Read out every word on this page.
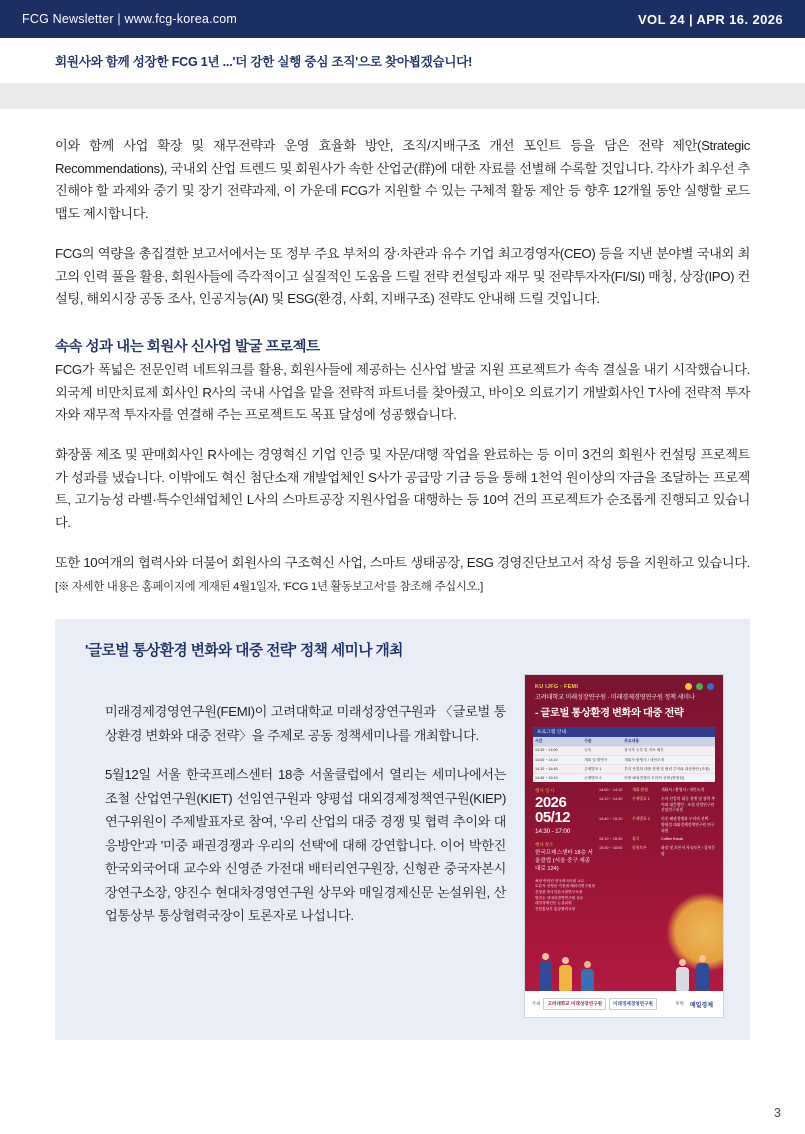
FCG Newsletter | www.fcg-korea.com	VOL 24 | APR 16. 2026
회원사와 함께 성장한 FCG 1년 ...'더 강한 실행 중심 조직'으로 찾아뵙겠습니다!

이와 함께 사업 확장 및 재무전략과 운영 효율화 방안, 조직/지배구조 개선 포인트 등을 담은 전략 제안(Strategic Recommendations), 국내외 산업 트렌드 및 회원사가 속한 산업군(群)에 대한 자료를 선별해 수록할 것입니다. 각사가 최우선 추진해야 할 과제와 중기 및 장기 전략과제, 이 가운데 FCG가 지원할 수 있는 구체적 활동 제안 등 향후 12개월 동안 실행할 로드맵도 제시합니다.

FCG의 역량을 총집결한 보고서에서는 또 정부 주요 부처의 장·차관과 유수 기업 최고경영자(CEO) 등을 지낸 분야별 국내외 최고의 인력 풀을 활용, 회원사들에 즉각적이고 실질적인 도움을 드릴 전략 컨설팅과 재무 및 전략투자자(FI/SI) 매칭, 상장(IPO) 컨설팅, 해외시장 공동 조사, 인공지능(AI) 및 ESG(환경, 사회, 지배구조) 전략도 안내해 드릴 것입니다.

속속 성과 내는 회원사 신사업 발굴 프로젝트

FCG가 폭넓은 전문인력 네트워크를 활용, 회원사들에 제공하는 신사업 발굴 지원 프로젝트가 속속 결실을 내기 시작했습니다. 외국계 비만치료제 회사인 R사의 국내 사업을 맡을 전략적 파트너를 찾아줬고, 바이오 의료기기 개발회사인 T사에 전략적 투자자와 재무적 투자자를 연결해 주는 프로젝트도 목표 달성에 성공했습니다.

화장품 제조 및 판매회사인 R사에는 경영혁신 기업 인증 및 자문/대행 작업을 완료하는 등 이미 3건의 회원사 컨설팅 프로젝트가 성과를 냈습니다. 이밖에도 혁신 첨단소재 개발업체인 S사가 공급망 기금 등을 통해 1천억 원이상의 자금을 조달하는 프로젝트, 고기능성 라벨·특수인쇄업체인 L사의 스마트공장 지원사업을 대행하는 등 10여 건의 프로젝트가 순조롭게 진행되고 있습니다.

또한 10여개의 협력사와 더불어 회원사의 구조혁신 사업, 스마트 생태공장, ESG 경영진단보고서 작성 등을 지원하고 있습니다. [※ 자세한 내용은 홈페이지에 게재된 4월1일자, 'FCG 1년 활동보고서'를 참조해 주십시오.]

'글로벌 통상환경 변화와 대중 전략' 정책 세미나 개최

미래경제경영연구원(FEMI)이 고려대학교 미래성장연구원과 〈글로벌 통상환경 변화와 대중 전략〉을 주제로 공동 정책세미나를 개최합니다.

5월12일 서울 한국프레스센터 18층 서울클럽에서 열리는 세미나에서는 조철 산업연구원(KIET) 선임연구원과 양평섭 대외경제정책연구원(KIEP) 연구위원이 주제발표자로 참여, '우리 산업의 대중 경쟁 및 협력 추이와 대응방안'과 '미중 패권경쟁과 우리의 선택'에 대해 강연합니다. 이어 박한진 한국외국어대 교수와 신영준 가전대 배터리연구원장, 신형관 중국자본시장연구소장, 양진수 현대차경영연구원 상무와 매일경제신문 논설위원, 산업통상부 통상협력국장이 토론자로 나섭니다.

KU IJFG · FEMI
고려대학교 미래성장연구원 · 미래경제경영연구원 정책 세미나
- 글로벌 통상환경 변화와 대중 전략
프로그램 안내
시간	구분	주요내용
13:30 ~ 14:00	등록	참석자 등록 및 자료 배부
14:00 ~ 14:10	개회 및 환영사	개회사·환영사 / 내빈소개
14:10 ~ 14:40	주제발표 1	우리 산업의 대중 경쟁 및 협력 추이와 대응방안 (조철)
14:40 ~ 15:10	주제발표 2	미중 패권경쟁과 우리의 선택 (양평섭)
행사 일시
2026
05/12
14:30 - 17:00
행사 장소
한국프레스센터 18층 서울클럽 (서울 중구 세종대로 124)
14:00 ~ 14:10	개회·환영	개회사 / 환영사 / 내빈소개
14:10 ~ 14:40	주제발표 1	우리 산업의 대중 경쟁 및 협력 추이와 대응방안 · 조철 산업연구원 선임연구위원
14:40 ~ 15:10	주제발표 2	미중 패권경쟁과 우리의 선택 · 양평섭 대외경제정책연구원 연구위원
15:10 ~ 15:30	휴식	Coffee Break
15:30 ~ 16:50	종합토론	좌장 및 토론자 자유토론 / 질의응답
좌장 박한진 한국외국어대 교수
토론자 신영준 가천대 배터리연구원장
신형관 중국자본시장연구소장
양진수 현대차경영연구원 상무
매일경제신문 논설위원
산업통상부 통상협력국장
주최	고려대학교 미래성장연구원	미래경제경영연구원	후원	매일경제
3
